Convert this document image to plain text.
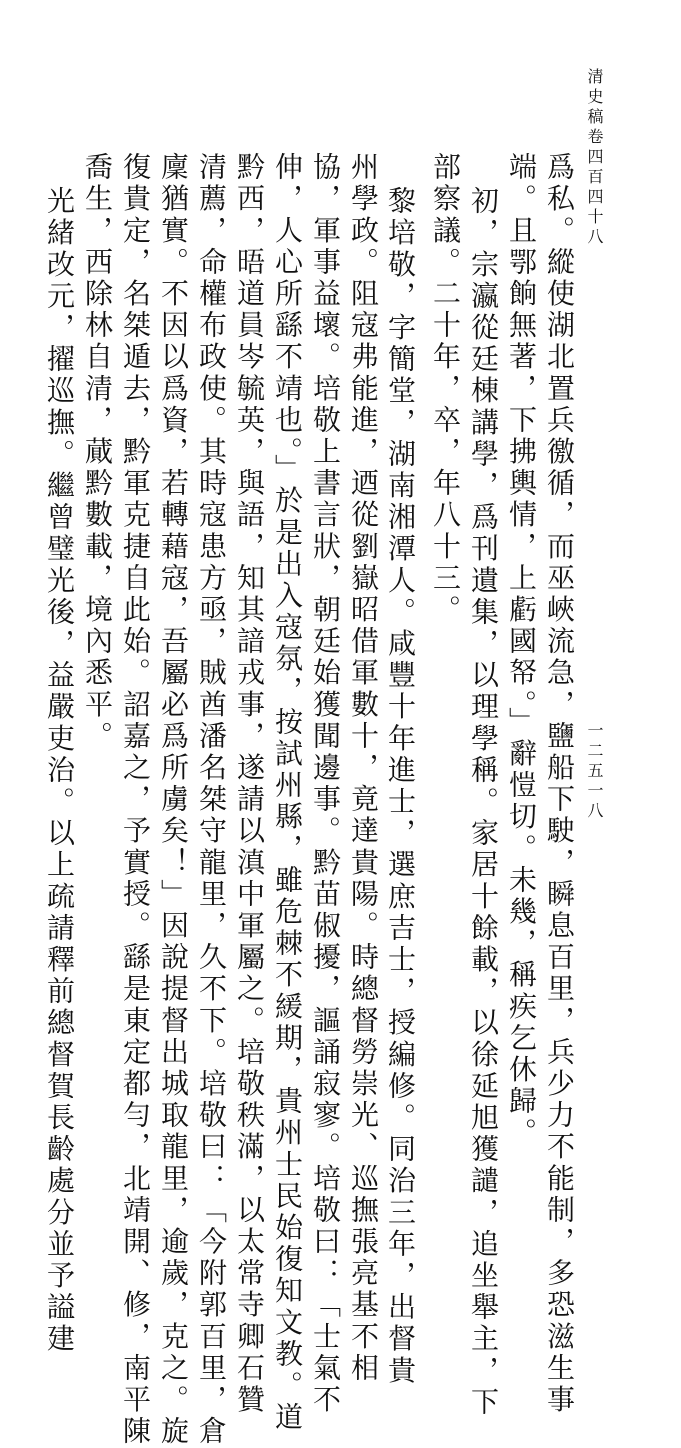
清史稿卷四百四十八
一二五一八
爲私。縱使湖北置兵徼循，而巫峽流急，鹽船下駛，瞬息百里，兵少力不能制，多恐滋生事
端。且鄂餉無著，下拂輿情，上虧國帑。」辭愷切。未幾，稱疾乞休歸。
初，宗瀛從廷棟講學，爲刊遺集，以理學稱。家居十餘載，以徐延旭獲譴，追坐舉主，下
部察議。二十年，卒，年八十三。
黎培敬，字簡堂，湖南湘潭人。咸豐十年進士，選庶吉士，授編修。同治三年，出督貴
州學政。阻寇弗能進，迺從劉嶽昭借軍數十，竟達貴陽。時總督勞崇光、巡撫張亮基不相
協，軍事益壞。培敬上書言狀，朝廷始獲聞邊事。黔苗俶擾，謳誦寂寥。培敬曰：「士氣不
伸，人心所繇不靖也。」於是出入寇氛，按試州縣，雖危棘不緩期，貴州士民始復知文教。道
黔西，晤道員岑毓英，與語，知其諳戎事，遂請以滇中軍屬之。培敬秩滿，以太常寺卿石贊
清薦，命權布政使。其時寇患方亟，賊酋潘名桀守龍里，久不下。培敬曰：「今附郭百里，倉
廩猶實。不因以爲資，若轉藉寇，吾屬必爲所虜矣！」因說提督出城取龍里，逾歲，克之。旋
復貴定，名桀遁去，黔軍克捷自此始。詔嘉之，予實授。繇是東定都勻，北靖開、修，南平陳
喬生，西除林自清，蕆黔數載，境內悉平。
光緒改元，擢巡撫。繼曾璧光後，益嚴吏治。以上疏請釋前總督賀長齡處分並予謚建
